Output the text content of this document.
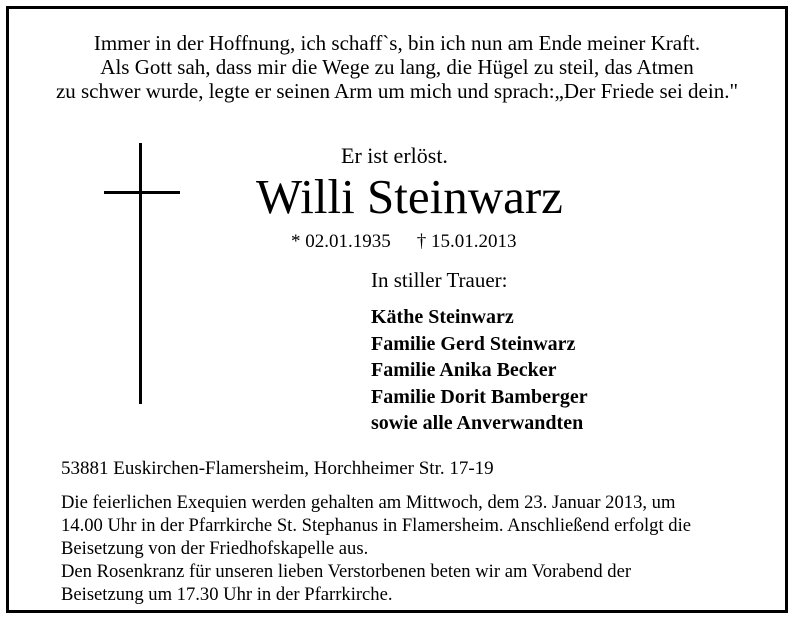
Immer in der Hoffnung, ich schaff`s, bin ich nun am Ende meiner Kraft.
Als Gott sah, dass mir die Wege zu lang, die Hügel zu steil, das Atmen
zu schwer wurde, legte er seinen Arm um mich und sprach:„Der Friede sei dein."
Er ist erlöst.
Willi Steinwarz
* 02.01.1935 † 15.01.2013
In stiller Trauer:
Käthe Steinwarz
Familie Gerd Steinwarz
Familie Anika Becker
Familie Dorit Bamberger
sowie alle Anverwandten
53881 Euskirchen-Flamersheim, Horchheimer Str. 17-19
Die feierlichen Exequien werden gehalten am Mittwoch, dem 23. Januar 2013, um
14.00 Uhr in der Pfarrkirche St. Stephanus in Flamersheim. Anschließend erfolgt die
Beisetzung von der Friedhofskapelle aus.
Den Rosenkranz für unseren lieben Verstorbenen beten wir am Vorabend der
Beisetzung um 17.30 Uhr in der Pfarrkirche.
